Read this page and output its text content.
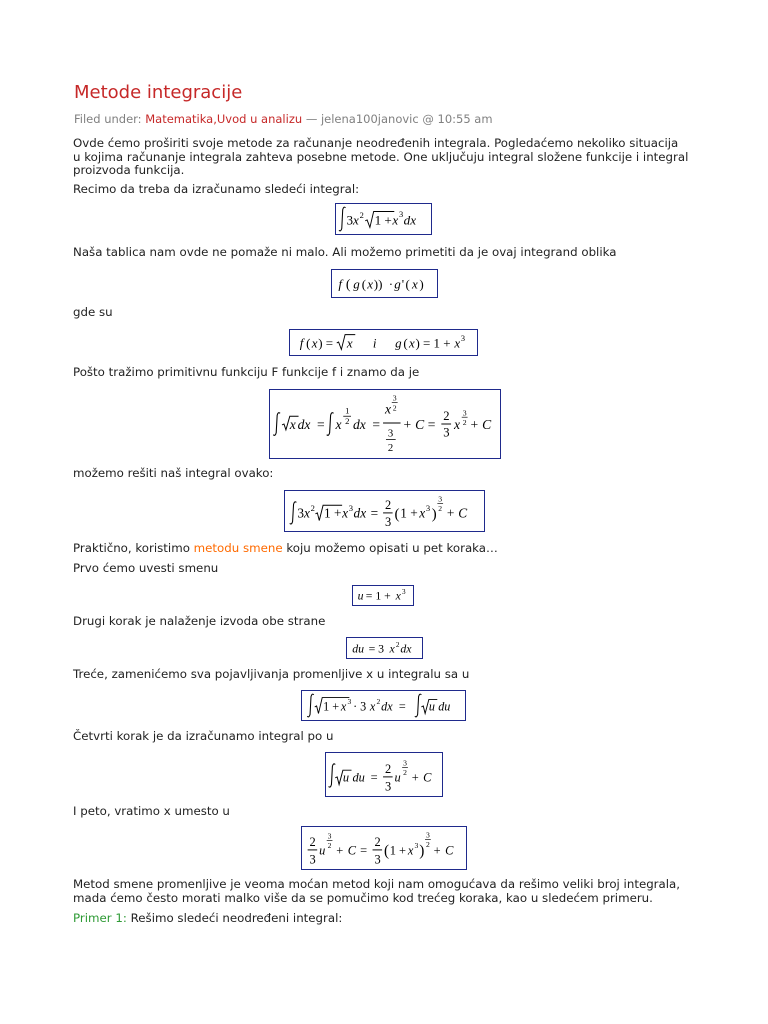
Metode integracije
Filed under: Matematika,Uvod u analizu — jelena100janovic @ 10:55 am
Ovde ćemo proširiti svoje metode za računanje neodređenih integrala. Pogledaćemo nekoliko situacija u kojima računanje integrala zahteva posebne metode. One uključuju integral složene funkcije i integral proizvoda funkcija.
Recimo da treba da izračunamo sledeći integral:
3 x 2 1 + x 3 dx
Naša tablica nam ovde ne pomaže ni malo. Ali možemo primetiti da je ovaj integrand oblika
f ( g ( x )) · g ' ( x )
gde su
f ( x ) = x i g ( x ) = 1 + x 3
Pošto tražimo primitivnu funkciju F funkcije f i znamo da je
x dx = x
1
2 dx =
x
3
2
3
2
+ C =
2
3
x
3
2 + C
možemo rešiti naš integral ovako:
3 x 2 1 + x 3 dx =
2
3 ( 1 + x 3 )
3
2 + C
Praktično, koristimo metodu smene koju možemo opisati u pet koraka…
Prvo ćemo uvesti smenu
u = 1 + x 3
Drugi korak je nalaženje izvoda obe strane
du = 3 x 2 dx
Treće, zamenićemo sva pojavljivanja promenljive x u integralu sa u
1 + x 3 · 3 x 2 dx = u du
Četvrti korak je da izračunamo integral po u
u du =
2
3
u
3
2 + C
I peto, vratimo x umesto u
2
3
u
3
2 + C =
2
3 ( 1 + x 3 )
3
2 + C
Metod smene promenljive je veoma moćan metod koji nam omogućava da rešimo veliki broj integrala, mada ćemo često morati malko više da se pomučimo kod trećeg koraka, kao u sledećem primeru.
Primer 1: Rešimo sledeći neodređeni integral:
